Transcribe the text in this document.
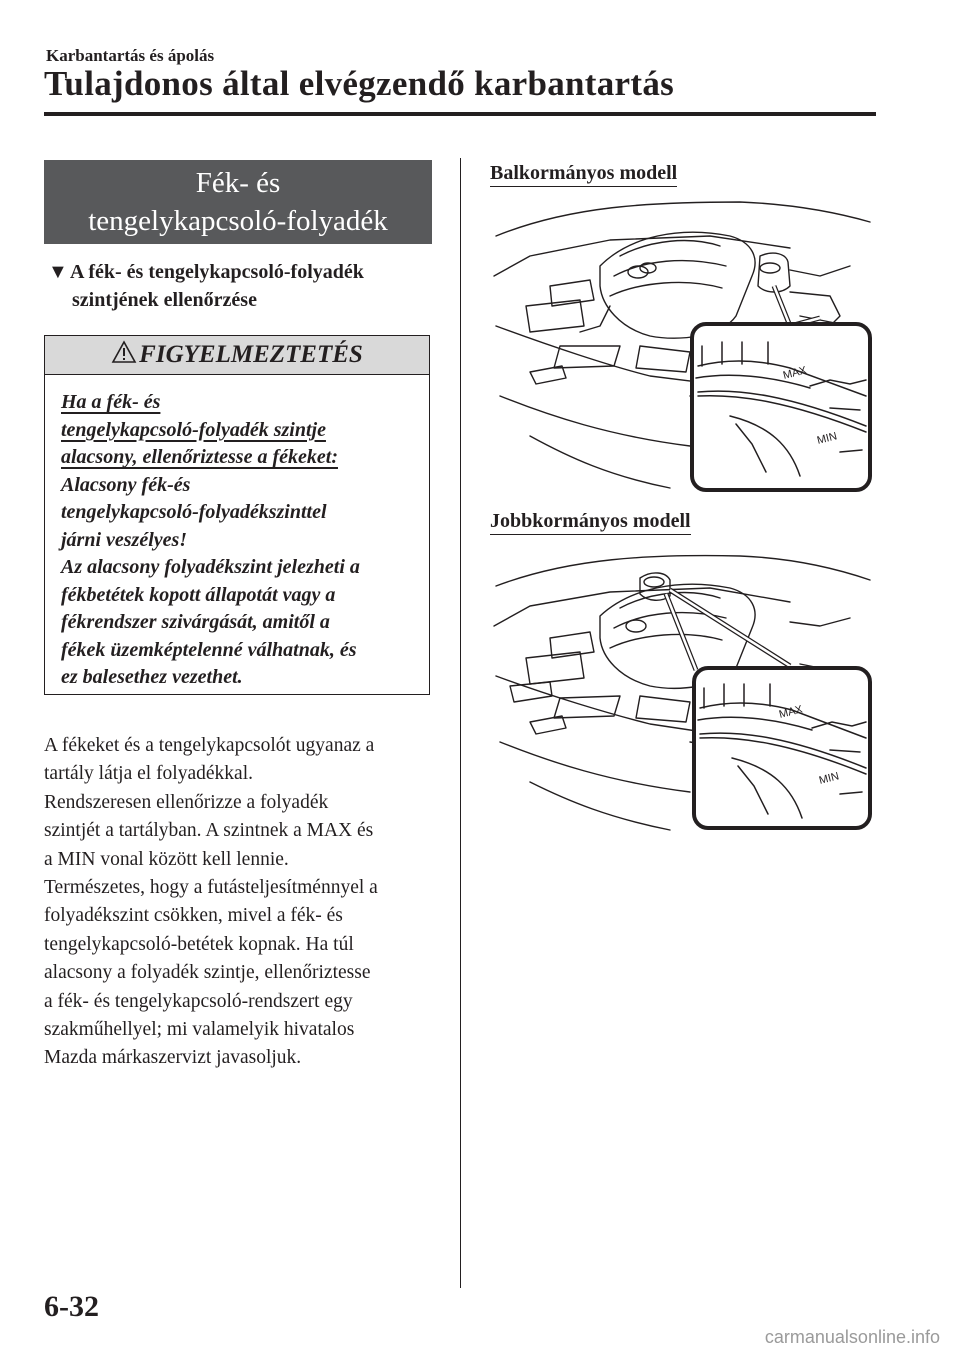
Karbantartás és ápolás
Tulajdonos által elvégzendő karbantartás
Fék- és
tengelykapcsoló-folyadék
▼ A fék- és tengelykapcsoló-folyadék
szintjének ellenőrzése
FIGYELMEZTETÉS
Ha a fék- és
tengelykapcsoló-folyadék szintje
alacsony, ellenőriztesse a fékeket:
Alacsony fék-és
tengelykapcsoló-folyadékszinttel
járni veszélyes!
Az alacsony folyadékszint jelezheti a
fékbetétek kopott állapotát vagy a
fékrendszer szivárgását, amitől a
fékek üzemképtelenné válhatnak, és
ez balesethez vezethet.
A fékeket és a tengelykapcsolót ugyanaz a
tartály látja el folyadékkal.
Rendszeresen ellenőrizze a folyadék
szintjét a tartályban. A szintnek a MAX és
a MIN vonal között kell lennie.
Természetes, hogy a futásteljesítménnyel a
folyadékszint csökken, mivel a fék- és
tengelykapcsoló-betétek kopnak. Ha túl
alacsony a folyadék szintje, ellenőriztesse
a fék- és tengelykapcsoló-rendszert egy
szakműhellyel; mi valamelyik hivatalos
Mazda márkaszervizt javasoljuk.
Balkormányos modell
MAX
MIN
Jobbkormányos modell
MAX
MIN
6-32
carmanualsonline.info
